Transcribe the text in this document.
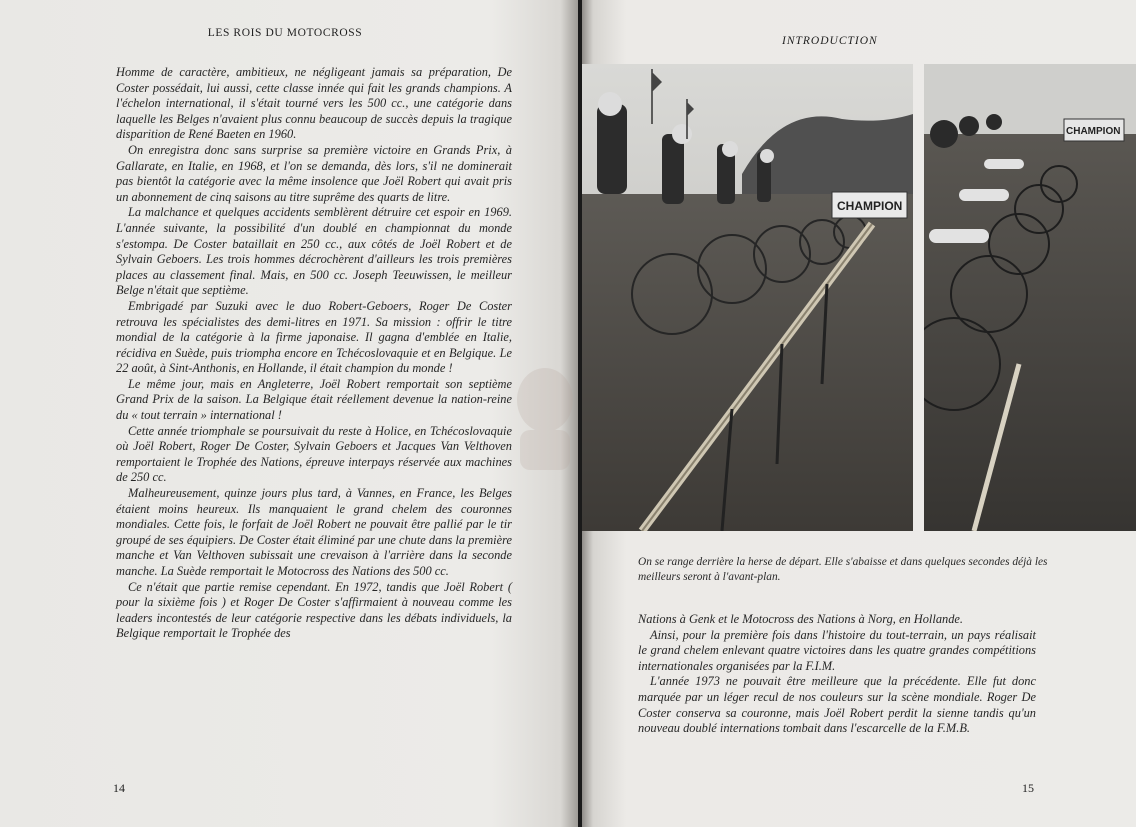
LES ROIS DU MOTOCROSS

Homme de caractère, ambitieux, ne négligeant jamais sa préparation, De Coster possédait, lui aussi, cette classe innée qui fait les grands champions. A l'échelon international, il s'était tourné vers les 500 cc., une catégorie dans laquelle les Belges n'avaient plus connu beaucoup de succès depuis la tragique disparition de René Baeten en 1960.

On enregistra donc sans surprise sa première victoire en Grands Prix, à Gallarate, en Italie, en 1968, et l'on se demanda, dès lors, s'il ne dominerait pas bientôt la catégorie avec la même insolence que Joël Robert qui avait pris un abonnement de cinq saisons au titre suprême des quarts de litre.

La malchance et quelques accidents semblèrent détruire cet espoir en 1969. L'année suivante, la possibilité d'un doublé en championnat du monde s'estompa. De Coster bataillait en 250 cc., aux côtés de Joël Robert et de Sylvain Geboers. Les trois hommes décrochèrent d'ailleurs les trois premières places au classement final. Mais, en 500 cc. Joseph Teeuwissen, le meilleur Belge n'était que septième.

Embrigadé par Suzuki avec le duo Robert-Geboers, Roger De Coster retrouva les spécialistes des demi-litres en 1971. Sa mission : offrir le titre mondial de la catégorie à la firme japonaise. Il gagna d'emblée en Italie, récidiva en Suède, puis triompha encore en Tchécoslovaquie et en Belgique. Le 22 août, à Sint-Anthonis, en Hollande, il était champion du monde !

Le même jour, mais en Angleterre, Joël Robert remportait son septième Grand Prix de la saison. La Belgique était réellement devenue la nation-reine du « tout terrain » international !

Cette année triomphale se poursuivait du reste à Holice, en Tchécoslovaquie où Joël Robert, Roger De Coster, Sylvain Geboers et Jacques Van Velthoven remportaient le Trophée des Nations, épreuve interpays réservée aux machines de 250 cc.

Malheureusement, quinze jours plus tard, à Vannes, en France, les Belges étaient moins heureux. Ils manquaient le grand chelem des couronnes mondiales. Cette fois, le forfait de Joël Robert ne pouvait être pallié par le tir groupé de ses équipiers. De Coster était éliminé par une chute dans la première manche et Van Velthoven subissait une crevaison à l'arrière dans la seconde manche. La Suède remportait le Motocross des Nations des 500 cc.

Ce n'était que partie remise cependant. En 1972, tandis que Joël Robert ( pour la sixième fois ) et Roger De Coster s'affirmaient à nouveau comme les leaders incontestés de leur catégorie respective dans les débats individuels, la Belgique remportait le Trophée des

14
INTRODUCTION
CHAMPION
CHAMPION
On se range derrière la herse de départ. Elle s'abaisse et dans quelques secondes déjà les meilleurs seront à l'avant-plan.

Nations à Genk et le Motocross des Nations à Norg, en Hollande.

Ainsi, pour la première fois dans l'histoire du tout-terrain, un pays réalisait le grand chelem enlevant quatre victoires dans les quatre grandes compétitions internationales organisées par la F.I.M.

L'année 1973 ne pouvait être meilleure que la précédente. Elle fut donc marquée par un léger recul de nos couleurs sur la scène mondiale. Roger De Coster conserva sa couronne, mais Joël Robert perdit la sienne tandis qu'un nouveau doublé internations tombait dans l'escarcelle de la F.M.B.

15
